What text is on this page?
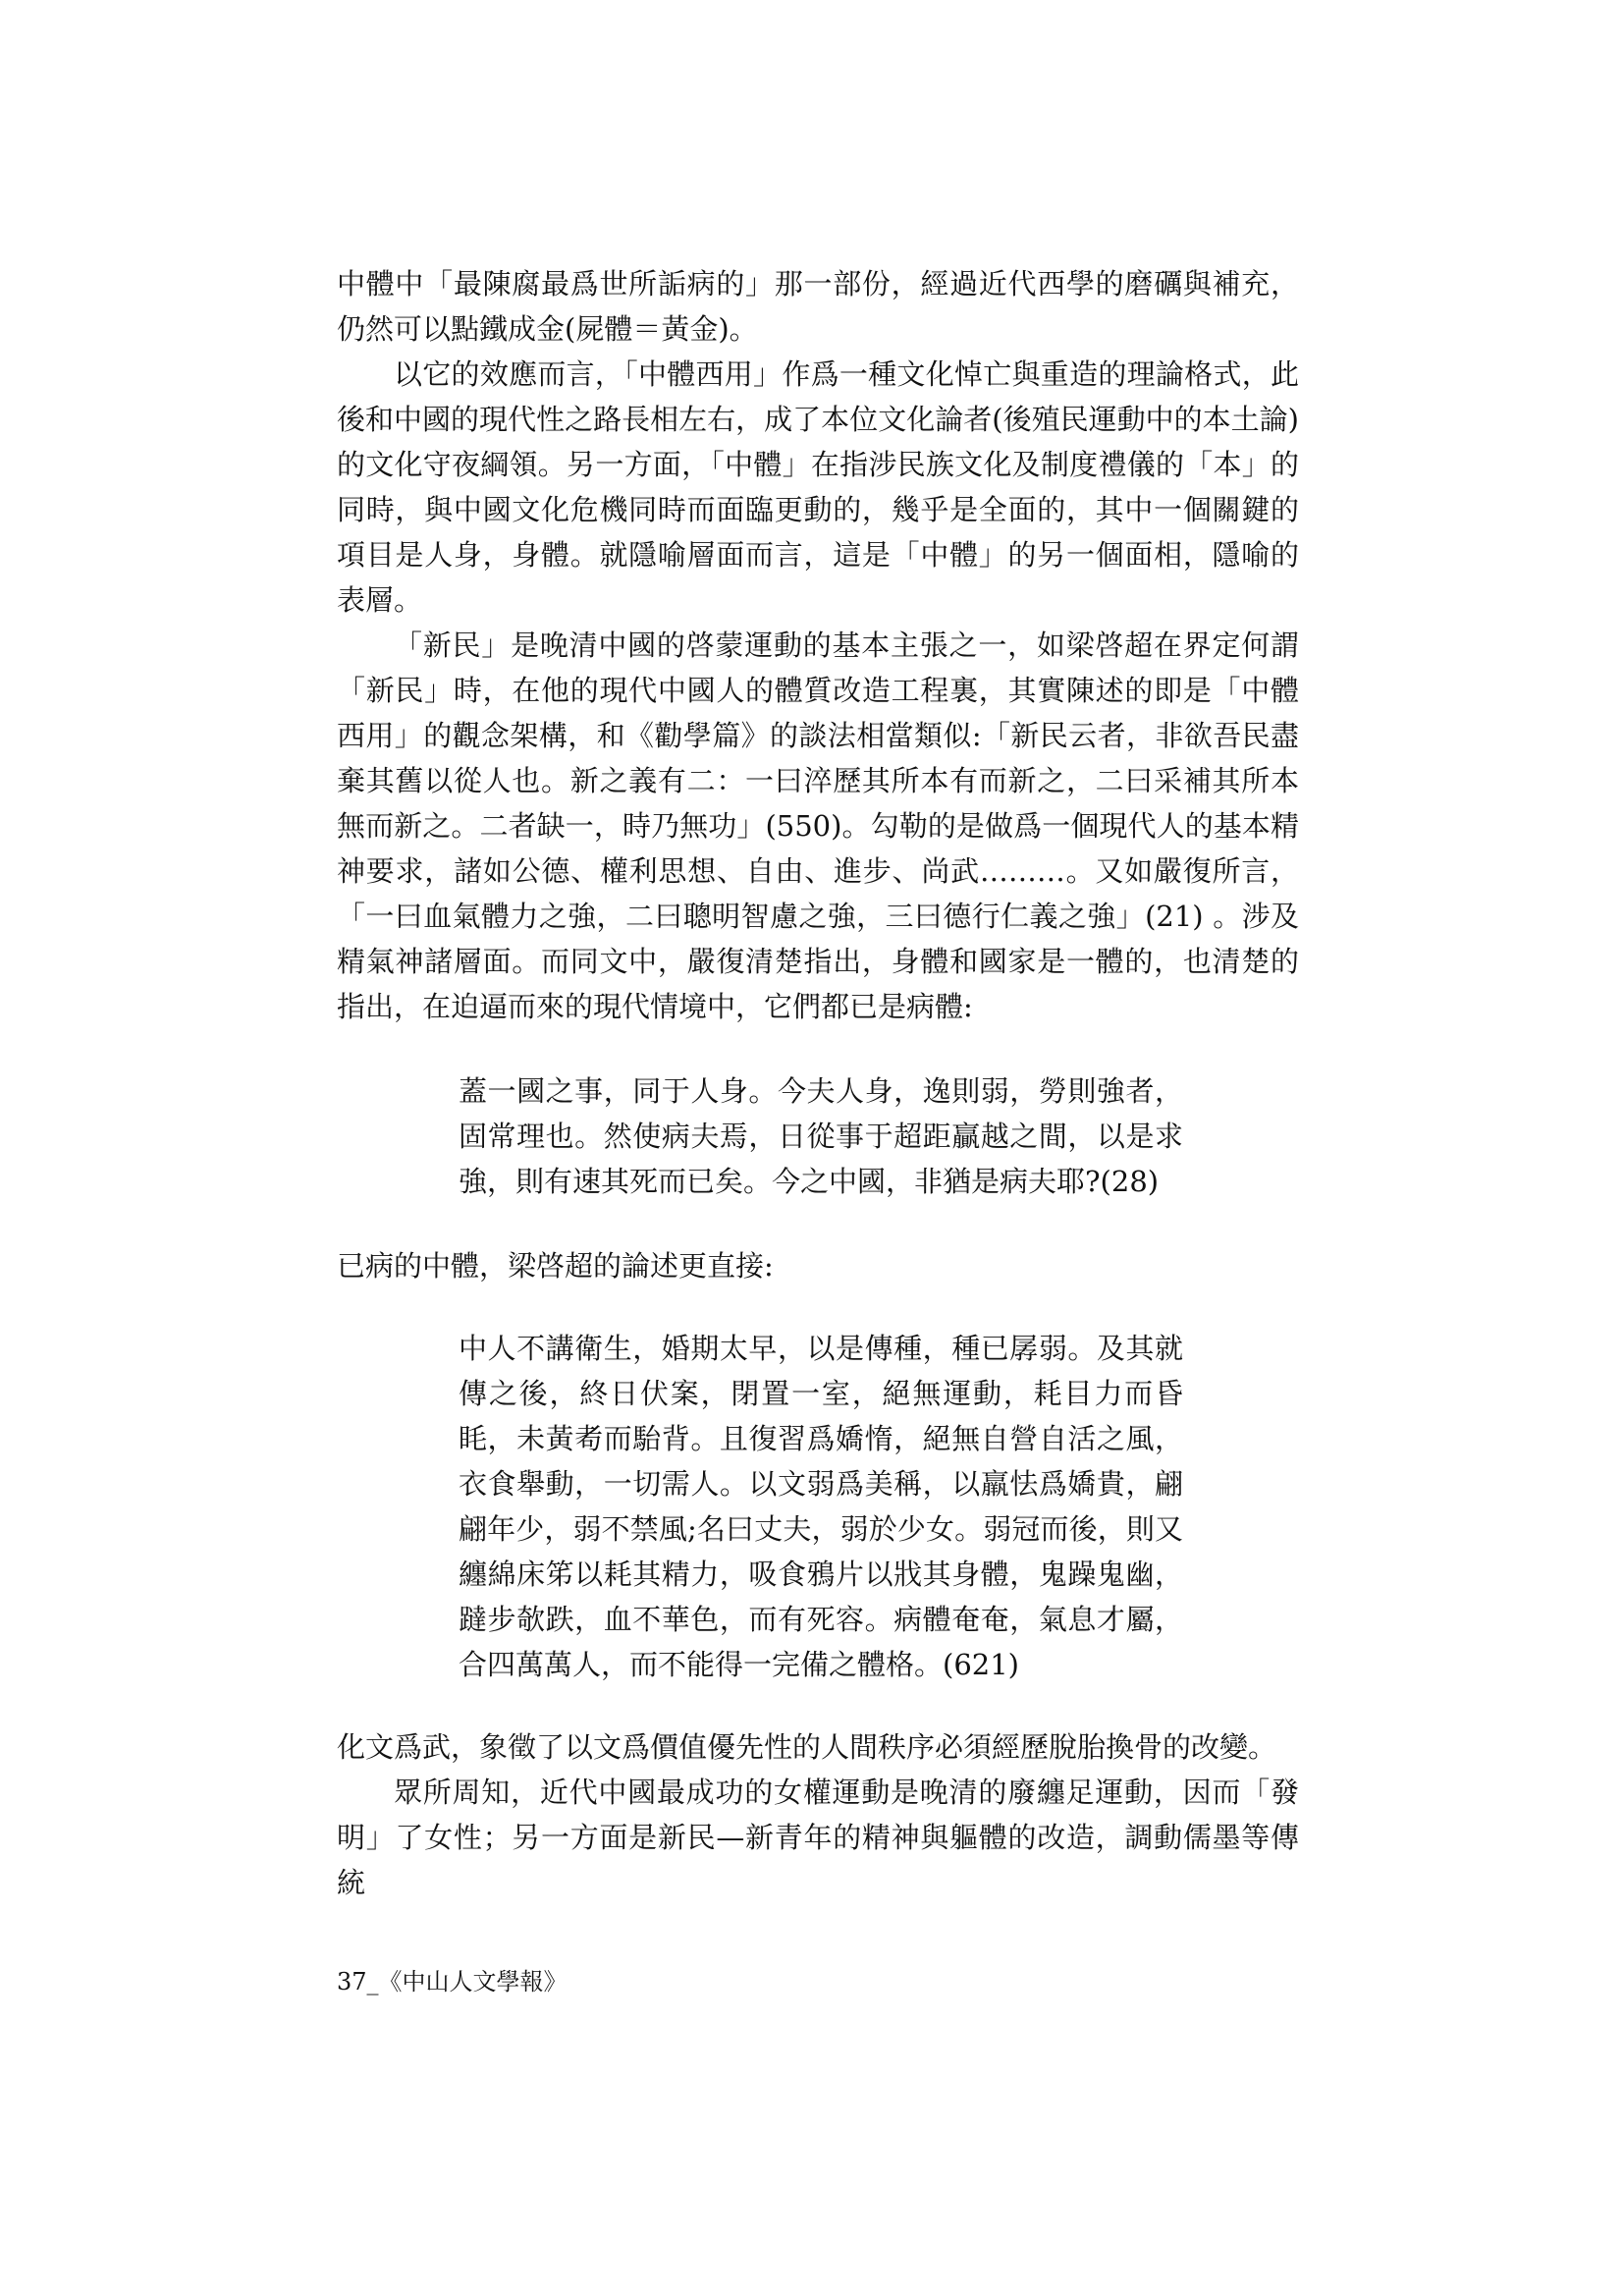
中體中「最陳腐最爲世所詬病的」那一部份，經過近代西學的磨礪與補充，仍然可以點鐵成金(屍體＝黃金)。

以它的效應而言，「中體西用」作爲一種文化悼亡與重造的理論格式，此後和中國的現代性之路長相左右，成了本位文化論者(後殖民運動中的本土論)的文化守夜綱領。另一方面，「中體」在指涉民族文化及制度禮儀的「本」的同時，與中國文化危機同時而面臨更動的，幾乎是全面的，其中一個關鍵的項目是人身，身體。就隱喻層面而言，這是「中體」的另一個面相，隱喻的表層。

「新民」是晚清中國的啓蒙運動的基本主張之一，如梁啓超在界定何謂「新民」時，在他的現代中國人的體質改造工程裏，其實陳述的即是「中體西用」的觀念架構，和《勸學篇》的談法相當類似:「新民云者，非欲吾民盡棄其舊以從人也。新之義有二：一曰淬歷其所本有而新之，二曰采補其所本無而新之。二者缺一，時乃無功」(550)。勾勒的是做爲一個現代人的基本精神要求，諸如公德、權利思想、自由、進步、尚武………。又如嚴復所言，「一曰血氣體力之強，二曰聰明智慮之強，三曰德行仁義之強」(21) 。涉及精氣神諸層面。而同文中，嚴復清楚指出，身體和國家是一體的，也清楚的指出，在迫逼而來的現代情境中，它們都已是病體:

蓋一國之事，同于人身。今夫人身，逸則弱，勞則強者，固常理也。然使病夫焉，日從事于超距贏越之間，以是求強，則有速其死而已矣。今之中國，非猶是病夫耶?(28)

已病的中體，梁啓超的論述更直接:

中人不講衛生，婚期太早，以是傳種，種已孱弱。及其就傳之後，終日伏案，閉置一室，絕無運動，耗目力而昏眊，未黃耇而駘背。且復習爲嬌惰，絕無自營自活之風，衣食舉動，一切需人。以文弱爲美稱，以羸怯爲嬌貴，翩翩年少，弱不禁風;名曰丈夫，弱於少女。弱冠而後，則又纏綿床笫以耗其精力，吸食鴉片以戕其身體，鬼躁鬼幽，躂步欹跌，血不華色，而有死容。病體奄奄，氣息才屬，合四萬萬人，而不能得一完備之體格。(621)

化文爲武，象徵了以文爲價值優先性的人間秩序必須經歷脫胎換骨的改變。

眾所周知，近代中國最成功的女權運動是晚清的廢纏足運動，因而「發明」了女性；另一方面是新民—新青年的精神與軀體的改造，調動儒墨等傳統

37_《中山人文學報》
